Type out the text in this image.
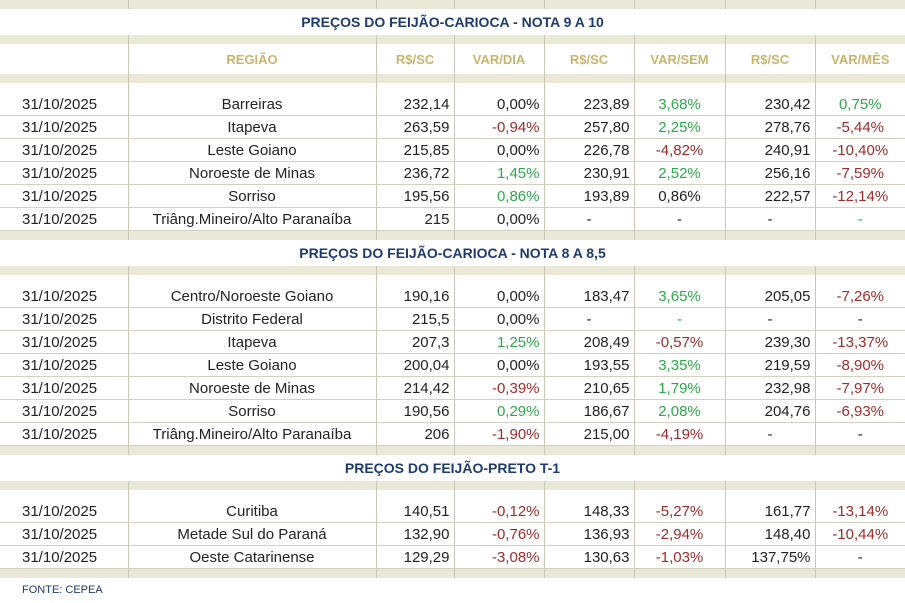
PREÇOS DO FEIJÃO-CARIOCA - NOTA 9 A 10							

	REGIÃO	R$/SC	VAR/DIA	R$/SC	VAR/SEM	R$/SC	VAR/MÊS

31/10/2025	Barreiras	232,14	0,00%	223,89	3,68%	230,42	0,75%
31/10/2025	Itapeva	263,59	-0,94%	257,80	2,25%	278,76	-5,44%
31/10/2025	Leste Goiano	215,85	0,00%	226,78	-4,82%	240,91	-10,40%
31/10/2025	Noroeste de Minas	236,72	1,45%	230,91	2,52%	256,16	-7,59%
31/10/2025	Sorriso	195,56	0,86%	193,89	0,86%	222,57	-12,14%
31/10/2025	Triâng.Mineiro/Alto Paranaíba	215	0,00%	-	-	-	-

PREÇOS DO FEIJÃO-CARIOCA - NOTA 8 A 8,5							

31/10/2025	Centro/Noroeste Goiano	190,16	0,00%	183,47	3,65%	205,05	-7,26%
31/10/2025	Distrito Federal	215,5	0,00%	-	-	-	-
31/10/2025	Itapeva	207,3	1,25%	208,49	-0,57%	239,30	-13,37%
31/10/2025	Leste Goiano	200,04	0,00%	193,55	3,35%	219,59	-8,90%
31/10/2025	Noroeste de Minas	214,42	-0,39%	210,65	1,79%	232,98	-7,97%
31/10/2025	Sorriso	190,56	0,29%	186,67	2,08%	204,76	-6,93%
31/10/2025	Triâng.Mineiro/Alto Paranaíba	206	-1,90%	215,00	-4,19%	-	-

PREÇOS DO FEIJÃO-PRETO T-1							

31/10/2025	Curitiba	140,51	-0,12%	148,33	-5,27%	161,77	-13,14%
31/10/2025	Metade Sul do Paraná	132,90	-0,76%	136,93	-2,94%	148,40	-10,44%
31/10/2025	Oeste Catarinense	129,29	-3,08%	130,63	-1,03%	137,75%	-

FONTE: CEPEA
